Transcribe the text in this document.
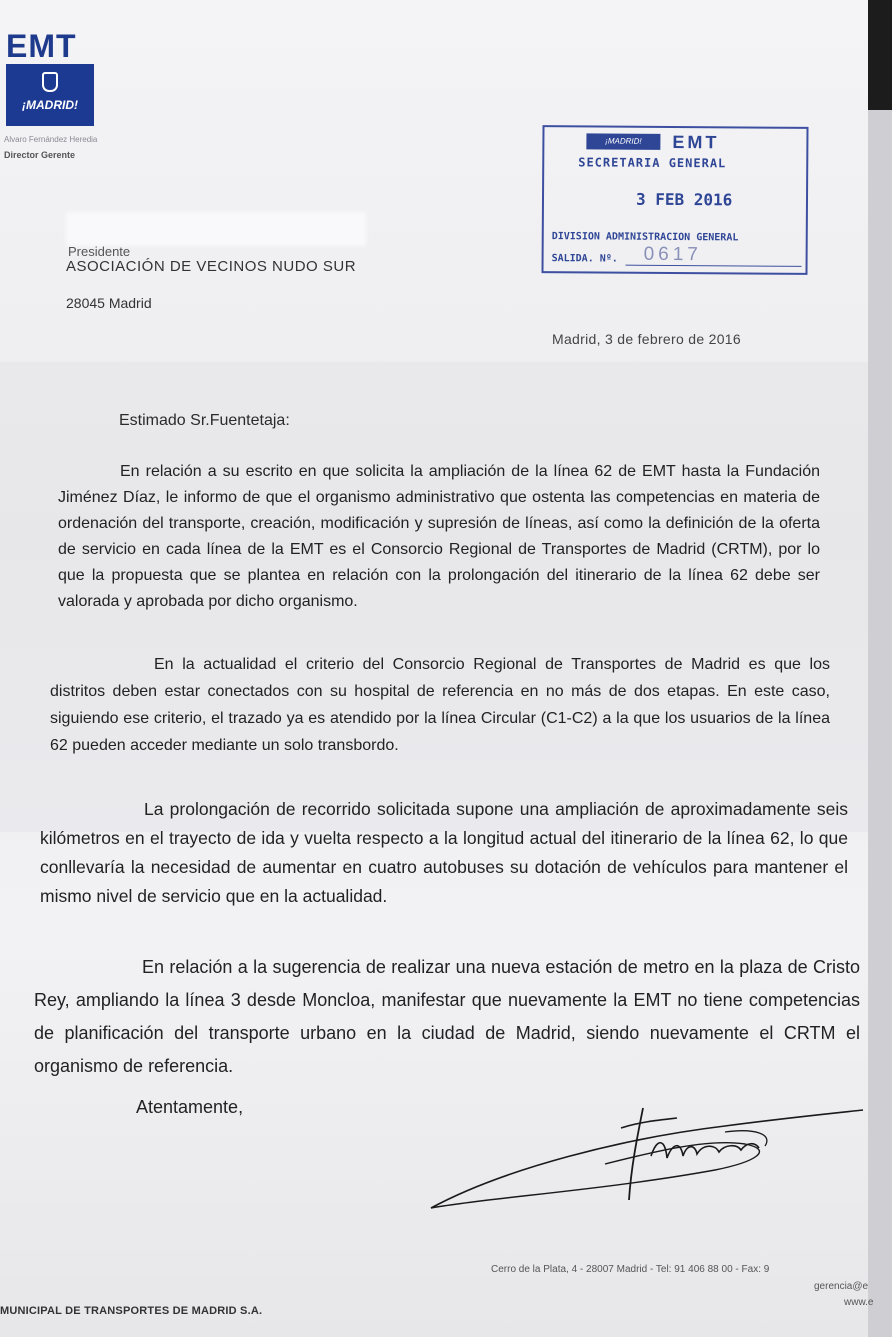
EMT
¡MADRID!
Alvaro Fernández Heredia
Director Gerente
¡MADRID!	EMT
SECRETARIA GENERAL
3 FEB 2016
DIVISION ADMINISTRACION GENERAL
SALIDA. Nº. 0617
Presidente
ASOCIACIÓN DE VECINOS NUDO SUR
28045 Madrid
Madrid, 3 de febrero de 2016
Estimado Sr.Fuentetaja:

En relación a su escrito en que solicita la ampliación de la línea 62 de EMT hasta la Fundación Jiménez Díaz, le informo de que el organismo administrativo que ostenta las competencias en materia de ordenación del transporte, creación, modificación y supresión de líneas, así como la definición de la oferta de servicio en cada línea de la EMT es el Consorcio Regional de Transportes de Madrid (CRTM), por lo que la propuesta que se plantea en relación con la prolongación del itinerario de la línea 62 debe ser valorada y aprobada por dicho organismo.

En la actualidad el criterio del Consorcio Regional de Transportes de Madrid es que los distritos deben estar conectados con su hospital de referencia en no más de dos etapas. En este caso, siguiendo ese criterio, el trazado ya es atendido por la línea Circular (C1-C2) a la que los usuarios de la línea 62 pueden acceder mediante un solo transbordo.

La prolongación de recorrido solicitada supone una ampliación de aproximadamente seis kilómetros en el trayecto de ida y vuelta respecto a la longitud actual del itinerario de la línea 62, lo que conllevaría la necesidad de aumentar en cuatro autobuses su dotación de vehículos para mantener el mismo nivel de servicio que en la actualidad.

En relación a la sugerencia de realizar una nueva estación de metro en la plaza de Cristo Rey, ampliando la línea 3 desde Moncloa, manifestar que nuevamente la EMT no tiene competencias de planificación del transporte urbano en la ciudad de Madrid, siendo nuevamente el CRTM el organismo de referencia.

Atentamente,
Cerro de la Plata, 4 - 28007 Madrid - Tel: 91 406 88 00 - Fax: 9
gerencia@e
www.e
MUNICIPAL DE TRANSPORTES DE MADRID S.A.
